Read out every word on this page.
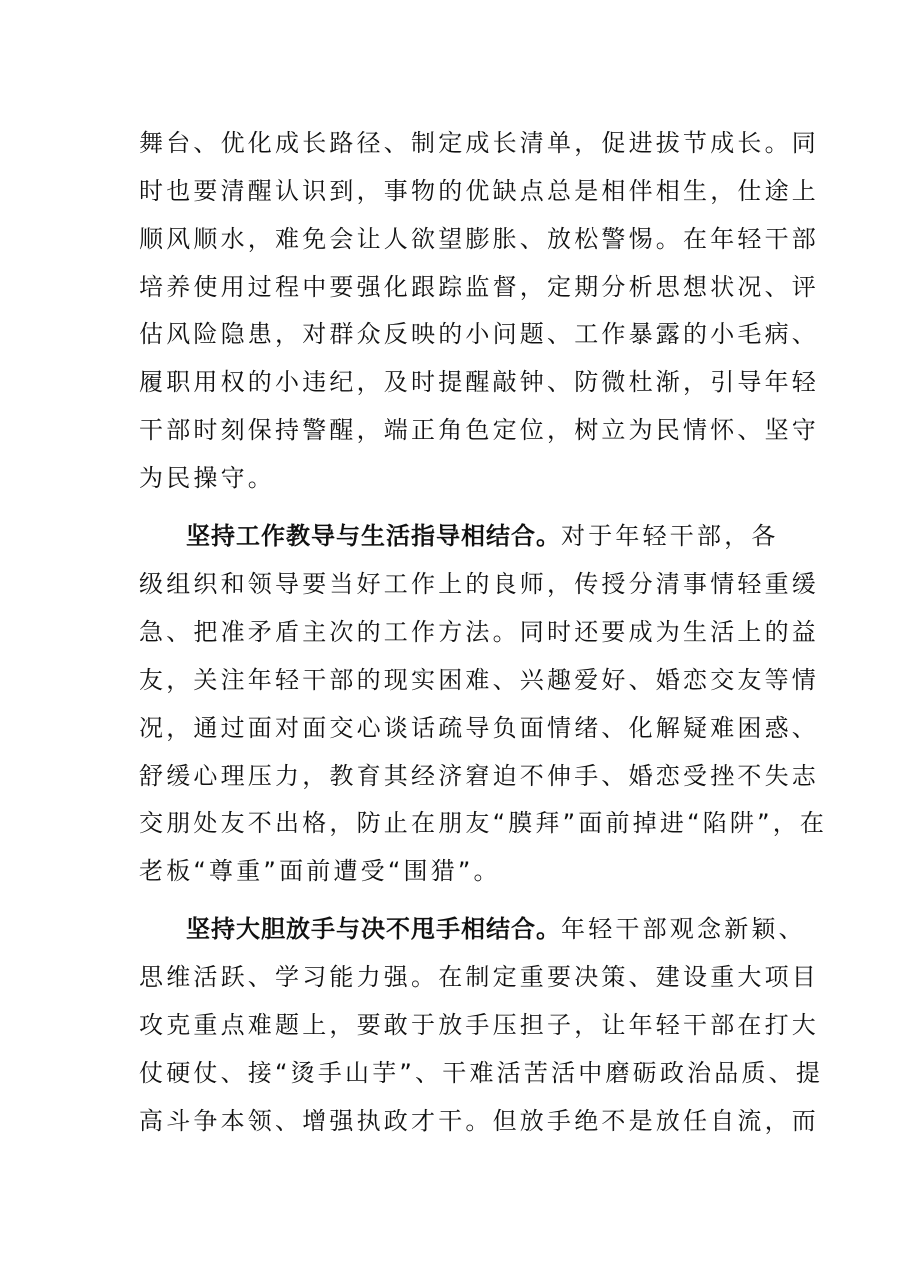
舞台、优化成长路径、制定成长清单，促进拔节成长。同
时也要清醒认识到，事物的优缺点总是相伴相生，仕途上
顺风顺水，难免会让人欲望膨胀、放松警惕。在年轻干部
培养使用过程中要强化跟踪监督，定期分析思想状况、评
估风险隐患，对群众反映的小问题、工作暴露的小毛病、
履职用权的小违纪，及时提醒敲钟、防微杜渐，引导年轻
干部时刻保持警醒，端正角色定位，树立为民情怀、坚守
为民操守。
坚持工作教导与生活指导相结合。对于年轻干部，各
级组织和领导要当好工作上的良师，传授分清事情轻重缓
急、把准矛盾主次的工作方法。同时还要成为生活上的益
友，关注年轻干部的现实困难、兴趣爱好、婚恋交友等情
况，通过面对面交心谈话疏导负面情绪、化解疑难困惑、
舒缓心理压力，教育其经济窘迫不伸手、婚恋受挫不失志
交朋处友不出格，防止在朋友“膜拜”面前掉进“陷阱”，在
老板“尊重”面前遭受“围猎”。
坚持大胆放手与决不甩手相结合。年轻干部观念新颖、
思维活跃、学习能力强。在制定重要决策、建设重大项目
攻克重点难题上，要敢于放手压担子，让年轻干部在打大
仗硬仗、接“烫手山芋”、干难活苦活中磨砺政治品质、提
高斗争本领、增强执政才干。但放手绝不是放任自流，而
